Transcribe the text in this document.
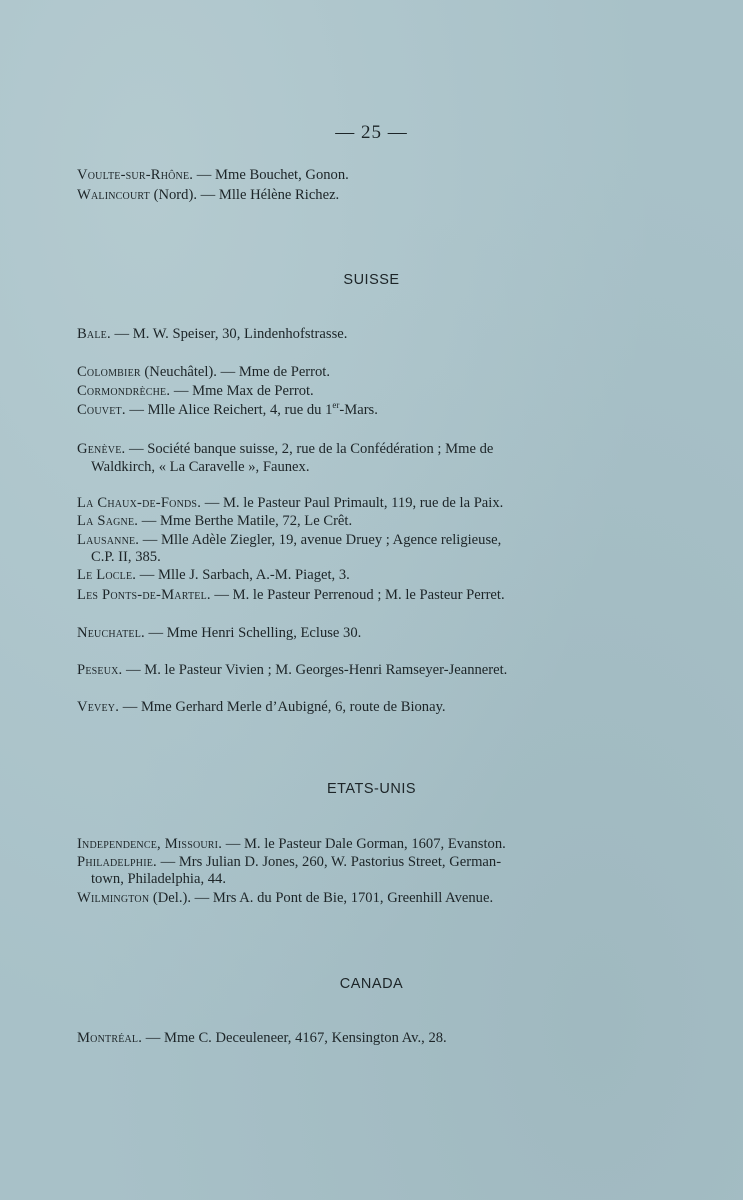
— 25 —
Voulte-sur-Rhône. — Mme Bouchet, Gonon.
Walincourt (Nord). — Mlle Hélène Richez.
SUISSE
Bale. — M. W. Speiser, 30, Lindenhofstrasse.
Colombier (Neuchâtel). — Mme de Perrot.
Cormondrèche. — Mme Max de Perrot.
Couvet. — Mlle Alice Reichert, 4, rue du 1er-Mars.
Genève. — Société banque suisse, 2, rue de la Confédération ; Mme de
Waldkirch, « La Caravelle », Faunex.
La Chaux-de-Fonds. — M. le Pasteur Paul Primault, 119, rue de la Paix.
La Sagne. — Mme Berthe Matile, 72, Le Crêt.
Lausanne. — Mlle Adèle Ziegler, 19, avenue Druey ; Agence religieuse,
C.P. II, 385.
Le Locle. — Mlle J. Sarbach, A.-M. Piaget, 3.
Les Ponts-de-Martel. — M. le Pasteur Perrenoud ; M. le Pasteur Perret.
Neuchatel. — Mme Henri Schelling, Ecluse 30.
Peseux. — M. le Pasteur Vivien ; M. Georges-Henri Ramseyer-Jeanneret.
Vevey. — Mme Gerhard Merle d’Aubigné, 6, route de Bionay.
ETATS-UNIS
Independence, Missouri. — M. le Pasteur Dale Gorman, 1607, Evanston.
Philadelphie. — Mrs Julian D. Jones, 260, W. Pastorius Street, German-
town, Philadelphia, 44.
Wilmington (Del.). — Mrs A. du Pont de Bie, 1701, Greenhill Avenue.
CANADA
Montréal. — Mme C. Deceuleneer, 4167, Kensington Av., 28.
